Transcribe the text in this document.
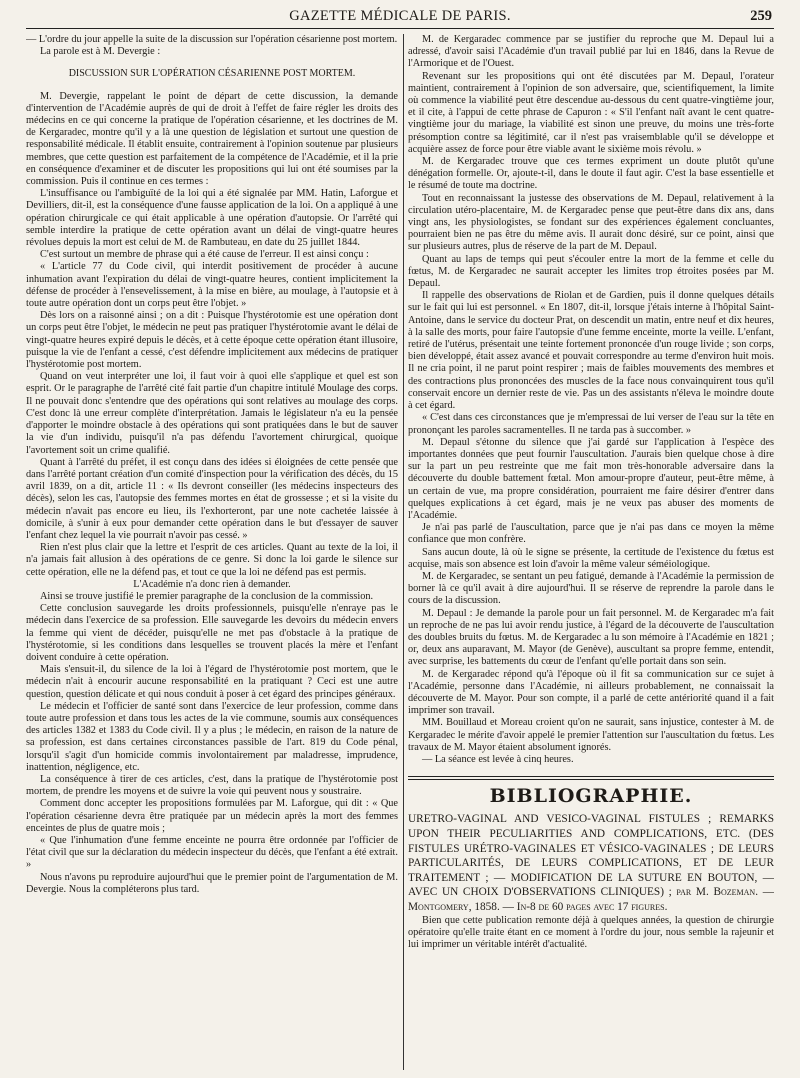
GAZETTE MÉDICALE DE PARIS.	259

— L'ordre du jour appelle la suite de la discussion sur l'opération césarienne post mortem.

La parole est à M. Devergie :

DISCUSSION SUR L'OPÉRATION CÉSARIENNE POST MORTEM.

M. Devergie, rappelant le point de départ de cette discussion, la demande d'intervention de l'Académie auprès de qui de droit à l'effet de faire régler les droits des médecins en ce qui concerne la pratique de l'opération césarienne, et les doctrines de M. de Kergaradec, montre qu'il y a là une question de législation et surtout une question de responsabilité médicale. Il établit ensuite, contrairement à l'opinion soutenue par plusieurs membres, que cette question est parfaitement de la compétence de l'Académie, et il la prie en conséquence d'examiner et de discuter les propositions qui lui ont été soumises par la commission. Puis il continue en ces termes :

L'insuffisance ou l'ambiguïté de la loi qui a été signalée par MM. Hatin, Laforgue et Devilliers, dit-il, est la conséquence d'une fausse application de la loi. On a appliqué à une opération chirurgicale ce qui était applicable à une opération d'autopsie. Or l'arrêté qui semble interdire la pratique de cette opération avant un délai de vingt-quatre heures révolues depuis la mort est celui de M. de Rambuteau, en date du 25 juillet 1844.

C'est surtout un membre de phrase qui a été cause de l'erreur. Il est ainsi conçu :

« L'article 77 du Code civil, qui interdit positivement de procéder à aucune inhumation avant l'expiration du délai de vingt-quatre heures, contient implicitement la défense de procéder à l'ensevelissement, à la mise en bière, au moulage, à l'autopsie et à toute autre opération dont un corps peut être l'objet. »

Dès lors on a raisonné ainsi ; on a dit : Puisque l'hystérotomie est une opération dont un corps peut être l'objet, le médecin ne peut pas pratiquer l'hystérotomie avant le délai de vingt-quatre heures expiré depuis le décès, et à cette époque cette opération étant illusoire, puisque la vie de l'enfant a cessé, c'est défendre implicitement aux médecins de pratiquer l'hystérotomie post mortem.

Quand on veut interpréter une loi, il faut voir à quoi elle s'applique et quel est son esprit. Or le paragraphe de l'arrêté cité fait partie d'un chapitre intitulé Moulage des corps. Il ne pouvait donc s'entendre que des opérations qui sont relatives au moulage des corps. C'est donc là une erreur complète d'interprétation. Jamais le législateur n'a eu la pensée d'apporter le moindre obstacle à des opérations qui sont pratiquées dans le but de sauver la vie d'un individu, puisqu'il n'a pas défendu l'avortement chirurgical, quoique l'avortement soit un crime qualifié.

Quant à l'arrêté du préfet, il est conçu dans des idées si éloignées de cette pensée que dans l'arrêté portant création d'un comité d'inspection pour la vérification des décès, du 15 avril 1839, on a dit, article 11 : « Ils devront conseiller (les médecins inspecteurs des décès), selon les cas, l'autopsie des femmes mortes en état de grossesse ; et si la visite du médecin n'avait pas encore eu lieu, ils l'exhorteront, par une note cachetée laissée à domicile, à s'unir à eux pour demander cette opération dans le but d'essayer de sauver l'enfant chez lequel la vie pourrait n'avoir pas cessé. »

Rien n'est plus clair que la lettre et l'esprit de ces articles. Quant au texte de la loi, il n'a jamais fait allusion à des opérations de ce genre. Si donc la loi garde le silence sur cette opération, elle ne la défend pas, et tout ce que la loi ne défend pas est permis.

L'Académie n'a donc rien à demander.

Ainsi se trouve justifié le premier paragraphe de la conclusion de la commission.

Cette conclusion sauvegarde les droits professionnels, puisqu'elle n'enraye pas le médecin dans l'exercice de sa profession. Elle sauvegarde les devoirs du médecin envers la femme qui vient de décéder, puisqu'elle ne met pas d'obstacle à la pratique de l'hystérotomie, si les conditions dans lesquelles se trouvent placés la mère et l'enfant doivent conduire à cette opération.

Mais s'ensuit-il, du silence de la loi à l'égard de l'hystérotomie post mortem, que le médecin n'ait à encourir aucune responsabilité en la pratiquant ? Ceci est une autre question, question délicate et qui nous conduit à poser à cet égard des principes généraux.

Le médecin et l'officier de santé sont dans l'exercice de leur profession, comme dans toute autre profession et dans tous les actes de la vie commune, soumis aux conséquences des articles 1382 et 1383 du Code civil. Il y a plus ; le médecin, en raison de la nature de sa profession, est dans certaines circonstances passible de l'art. 819 du Code pénal, lorsqu'il s'agit d'un homicide commis involontairement par maladresse, imprudence, inattention, négligence, etc.

La conséquence à tirer de ces articles, c'est, dans la pratique de l'hystérotomie post mortem, de prendre les moyens et de suivre la voie qui peuvent nous y soustraire.

Comment donc accepter les propositions formulées par M. Laforgue, qui dit : « Que l'opération césarienne devra être pratiquée par un médecin après la mort des femmes enceintes de plus de quatre mois ;

« Que l'inhumation d'une femme enceinte ne pourra être ordonnée par l'officier de l'état civil que sur la déclaration du médecin inspecteur du décès, que l'enfant a été extrait. »

Nous n'avons pu reproduire aujourd'hui que le premier point de l'argumentation de M. Devergie. Nous la compléterons plus tard.

M. de Kergaradec commence par se justifier du reproche que M. Depaul lui a adressé, d'avoir saisi l'Académie d'un travail publié par lui en 1846, dans la Revue de l'Armorique et de l'Ouest.

Revenant sur les propositions qui ont été discutées par M. Depaul, l'orateur maintient, contrairement à l'opinion de son adversaire, que, scientifiquement, la limite où commence la viabilité peut être descendue au-dessous du cent quatre-vingtième jour, et il cite, à l'appui de cette phrase de Capuron : « S'il l'enfant naît avant le cent quatre-vingtième jour du mariage, la viabilité est sinon une preuve, du moins une très-forte présomption contre sa légitimité, car il n'est pas vraisemblable qu'il se développe et acquière assez de force pour être viable avant le sixième mois révolu. »

M. de Kergaradec trouve que ces termes expriment un doute plutôt qu'une dénégation formelle. Or, ajoute-t-il, dans le doute il faut agir. C'est la base essentielle et le résumé de toute ma doctrine.

Tout en reconnaissant la justesse des observations de M. Depaul, relativement à la circulation utéro-placentaire, M. de Kergaradec pense que peut-être dans dix ans, dans vingt ans, les physiologistes, se fondant sur des expériences également concluantes, pourraient bien ne pas être du même avis. Il aurait donc désiré, sur ce point, ainsi que sur plusieurs autres, plus de réserve de la part de M. Depaul.

Quant au laps de temps qui peut s'écouler entre la mort de la femme et celle du fœtus, M. de Kergaradec ne saurait accepter les limites trop étroites posées par M. Depaul.

Il rappelle des observations de Riolan et de Gardien, puis il donne quelques détails sur le fait qui lui est personnel. « En 1807, dit-il, lorsque j'étais interne à l'hôpital Saint-Antoine, dans le service du docteur Prat, on descendit un matin, entre neuf et dix heures, à la salle des morts, pour faire l'autopsie d'une femme enceinte, morte la veille. L'enfant, retiré de l'utérus, présentait une teinte fortement prononcée d'un rouge livide ; son corps, bien développé, était assez avancé et pouvait correspondre au terme d'environ huit mois. Il ne cria point, il ne parut point respirer ; mais de faibles mouvements des membres et des contractions plus prononcées des muscles de la face nous convainquirent tous qu'il conservait encore un dernier reste de vie. Pas un des assistants n'éleva le moindre doute à cet égard.

« C'est dans ces circonstances que je m'empressai de lui verser de l'eau sur la tête en prononçant les paroles sacramentelles. Il ne tarda pas à succomber. »

M. Depaul s'étonne du silence que j'ai gardé sur l'application à l'espèce des importantes données que peut fournir l'auscultation. J'aurais bien quelque chose à dire sur la part un peu restreinte que me fait mon très-honorable adversaire dans la découverte du double battement fœtal. Mon amour-propre d'auteur, peut-être même, à un certain de vue, ma propre considération, pourraient me faire désirer d'entrer dans quelques explications à cet égard, mais je ne veux pas abuser des moments de l'Académie.

Je n'ai pas parlé de l'auscultation, parce que je n'ai pas dans ce moyen la même confiance que mon confrère.

Sans aucun doute, là où le signe se présente, la certitude de l'existence du fœtus est acquise, mais son absence est loin d'avoir la même valeur séméiologique.

M. de Kergaradec, se sentant un peu fatigué, demande à l'Académie la permission de borner là ce qu'il avait à dire aujourd'hui. Il se réserve de reprendre la parole dans le cours de la discussion.

M. Depaul : Je demande la parole pour un fait personnel. M. de Kergaradec m'a fait un reproche de ne pas lui avoir rendu justice, à l'égard de la découverte de l'auscultation des doubles bruits du fœtus. M. de Kergaradec a lu son mémoire à l'Académie en 1821 ; or, deux ans auparavant, M. Mayor (de Genève), auscultant sa propre femme, entendit, avec surprise, les battements du cœur de l'enfant qu'elle portait dans son sein.

M. de Kergaradec répond qu'à l'époque où il fit sa communication sur ce sujet à l'Académie, personne dans l'Académie, ni ailleurs probablement, ne connaissait la découverte de M. Mayor. Pour son compte, il a parlé de cette antériorité quand il a fait imprimer son travail.

MM. Bouillaud et Moreau croient qu'on ne saurait, sans injustice, contester à M. de Kergaradec le mérite d'avoir appelé le premier l'attention sur l'auscultation du fœtus. Les travaux de M. Mayor étaient absolument ignorés.

— La séance est levée à cinq heures.

BIBLIOGRAPHIE.

URETRO-VAGINAL AND VESICO-VAGINAL FISTULES ; REMARKS UPON THEIR PECULIARITIES AND COMPLICATIONS, ETC. (DES FISTULES URÉTRO-VAGINALES ET VÉSICO-VAGINALES ; DE LEURS PARTICULARITÉS, DE LEURS COMPLICATIONS, ET DE LEUR TRAITEMENT ; — MODIFICATION DE LA SUTURE EN BOUTON, — AVEC UN CHOIX D'OBSERVATIONS CLINIQUES) ; par M. Bozeman. — Montgomery, 1858. — In-8 de 60 pages avec 17 figures.

Bien que cette publication remonte déjà à quelques années, la question de chirurgie opératoire qu'elle traite étant en ce moment à l'ordre du jour, nous semble la rajeunir et lui imprimer un véritable intérêt d'actualité.
